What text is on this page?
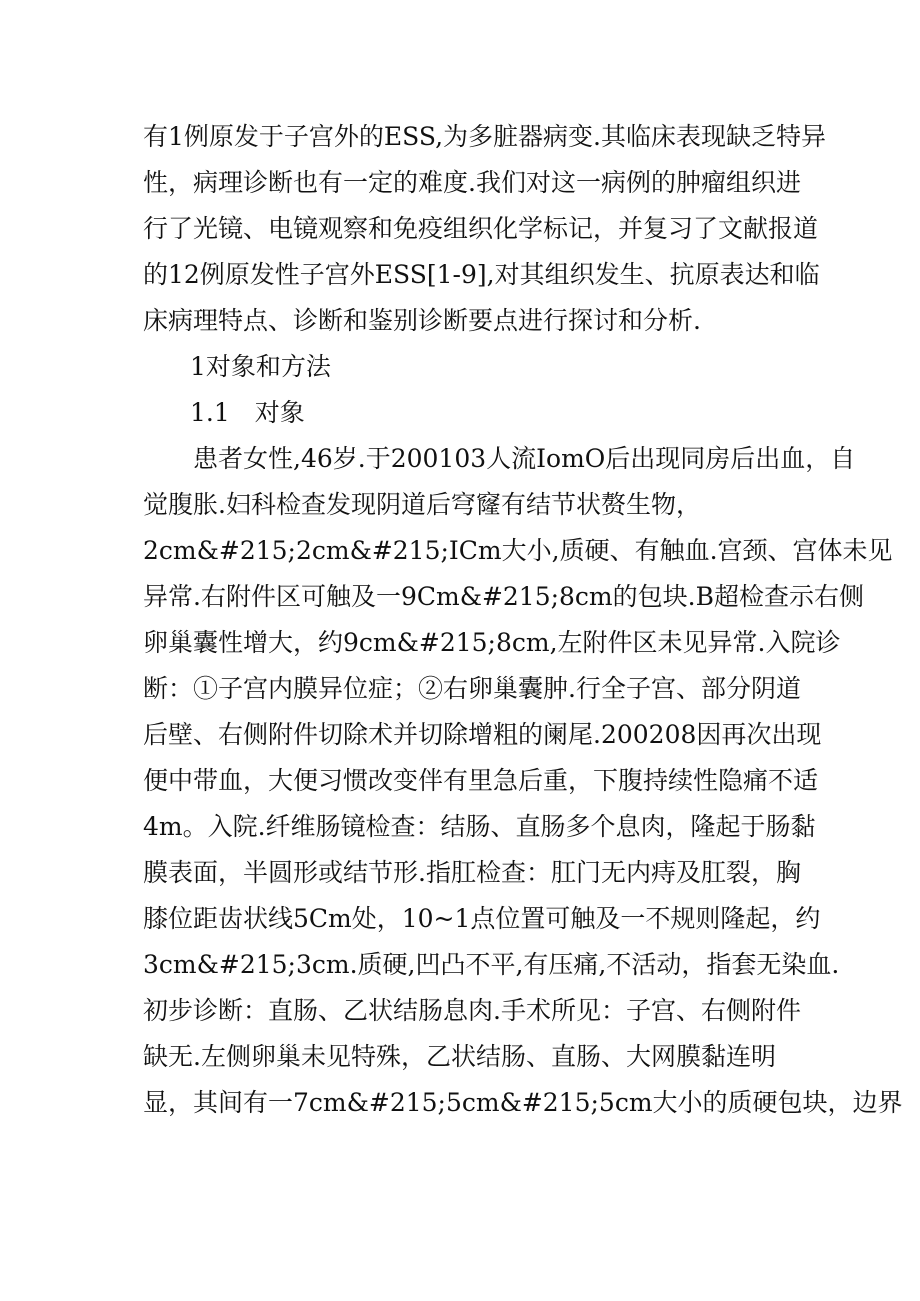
有1例原发于子宫外的ESS,为多脏器病变.其临床表现缺乏特异
性，病理诊断也有一定的难度.我们对这一病例的肿瘤组织进
行了光镜、电镜观察和免疫组织化学标记，并复习了文献报道
的12例原发性子宫外ESS[1-9],对其组织发生、抗原表达和临
床病理特点、诊断和鉴别诊断要点进行探讨和分析.
1对象和方法
1.1　对象
患者女性,46岁.于200103人流IomO后出现同房后出血，自
觉腹胀.妇科检查发现阴道后穹窿有结节状赘生物，
2cm&#215;2cm&#215;ICm大小,质硬、有触血.宫颈、宫体未见
异常.右附件区可触及一9Cm&#215;8cm的包块.B超检查示右侧
卵巢囊性增大，约9cm&#215;8cm,左附件区未见异常.入院诊
断：①子宫内膜异位症；②右卵巢囊肿.行全子宫、部分阴道
后壁、右侧附件切除术并切除增粗的阑尾.200208因再次出现
便中带血，大便习惯改变伴有里急后重，下腹持续性隐痛不适
4m。入院.纤维肠镜检查：结肠、直肠多个息肉，隆起于肠黏
膜表面，半圆形或结节形.指肛检查：肛门无内痔及肛裂，胸
膝位距齿状线5Cm处，10~1点位置可触及一不规则隆起，约
3cm&#215;3cm.质硬,凹凸不平,有压痛,不活动，指套无染血.
初步诊断：直肠、乙状结肠息肉.手术所见：子宫、右侧附件
缺无.左侧卵巢未见特殊，乙状结肠、直肠、大网膜黏连明
显，其间有一7cm&#215;5cm&#215;5cm大小的质硬包块，边界
